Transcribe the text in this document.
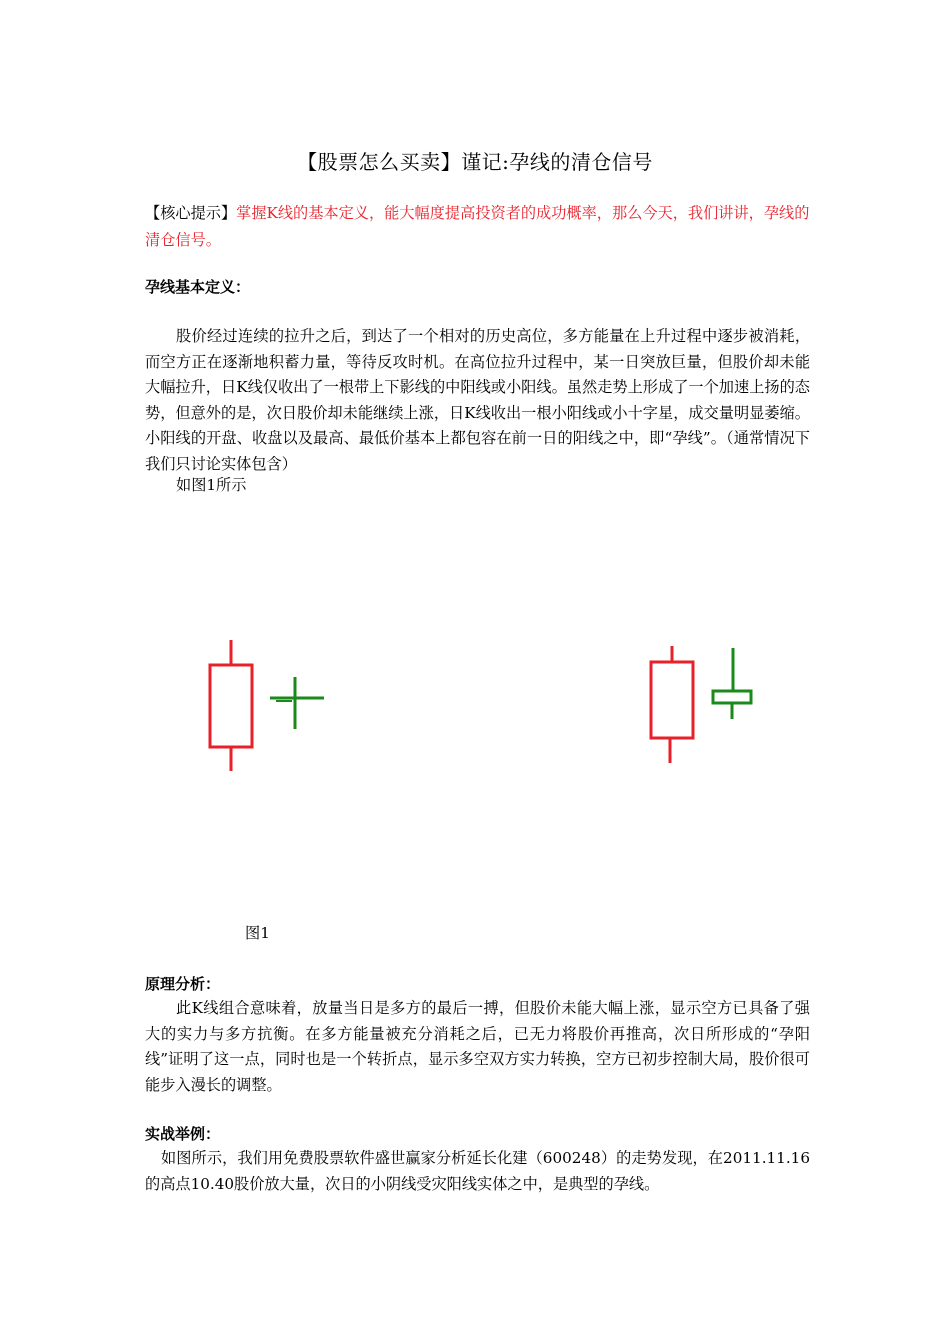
【股票怎么买卖】谨记:孕线的清仓信号
【核心提示】掌握K线的基本定义，能大幅度提高投资者的成功概率，那么今天，我们讲讲，孕线的清仓信号。
孕线基本定义：
股价经过连续的拉升之后，到达了一个相对的历史高位，多方能量在上升过程中逐步被消耗，而空方正在逐渐地积蓄力量，等待反攻时机。在高位拉升过程中，某一日突放巨量，但股价却未能大幅拉升，日K线仅收出了一根带上下影线的中阳线或小阳线。虽然走势上形成了一个加速上扬的态势，但意外的是，次日股价却未能继续上涨，日K线收出一根小阳线或小十字星，成交量明显萎缩。小阳线的开盘、收盘以及最高、最低价基本上都包容在前一日的阳线之中，即“孕线”。（通常情况下我们只讨论实体包含）
如图1所示
图1
原理分析：
此K线组合意味着，放量当日是多方的最后一搏，但股价未能大幅上涨，显示空方已具备了强大的实力与多方抗衡。在多方能量被充分消耗之后，已无力将股价再推高，次日所形成的“孕阳线”证明了这一点，同时也是一个转折点，显示多空双方实力转换，空方已初步控制大局，股价很可能步入漫长的调整。
实战举例：
如图所示，我们用免费股票软件盛世赢家分析延长化建（600248）的走势发现，在2011.11.16的高点10.40股价放大量，次日的小阴线受灾阳线实体之中，是典型的孕线。
